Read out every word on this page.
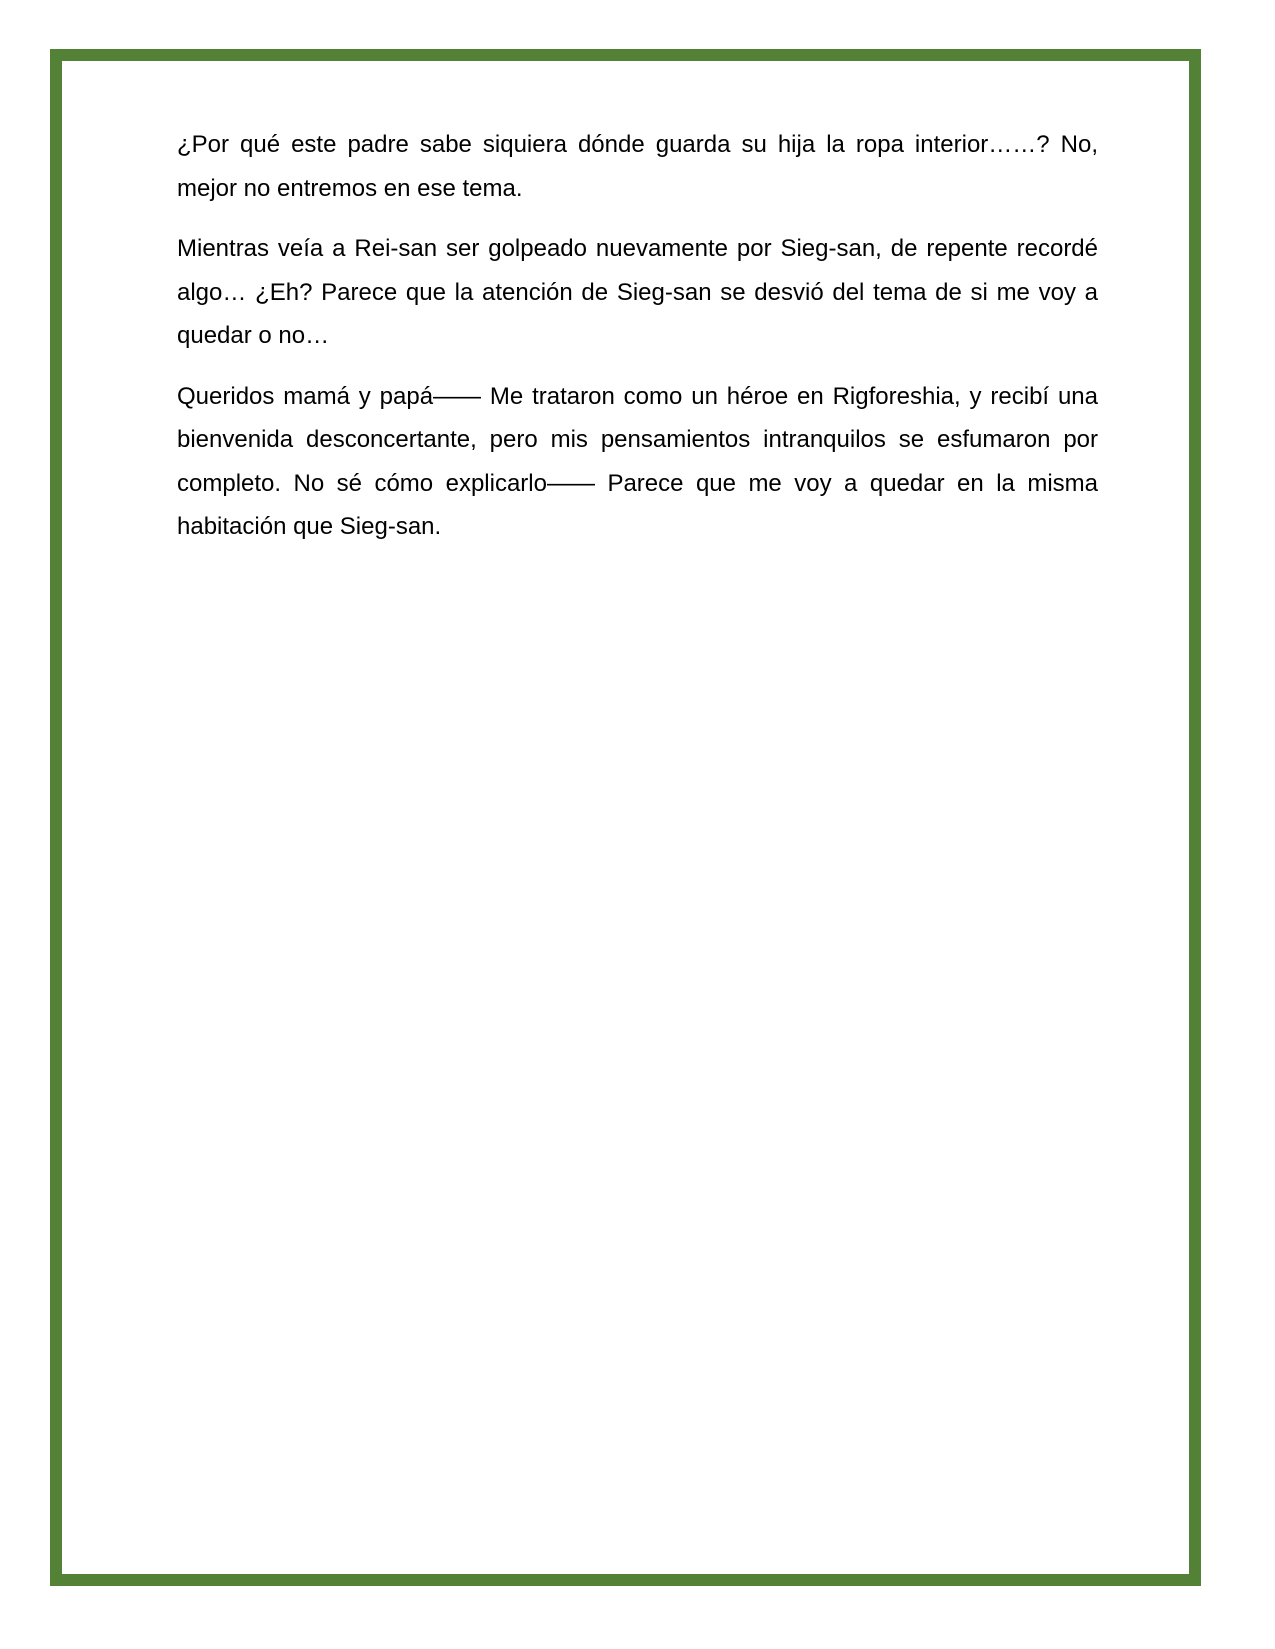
¿Por qué este padre sabe siquiera dónde guarda su hija la ropa interior……? No, mejor no entremos en ese tema.

Mientras veía a Rei-san ser golpeado nuevamente por Sieg-san, de repente recordé algo… ¿Eh? Parece que la atención de Sieg-san se desvió del tema de si me voy a quedar o no…

Queridos mamá y papá—— Me trataron como un héroe en Rigforeshia, y recibí una bienvenida desconcertante, pero mis pensamientos intranquilos se esfumaron por completo. No sé cómo explicarlo—— Parece que me voy a quedar en la misma habitación que Sieg-san.
